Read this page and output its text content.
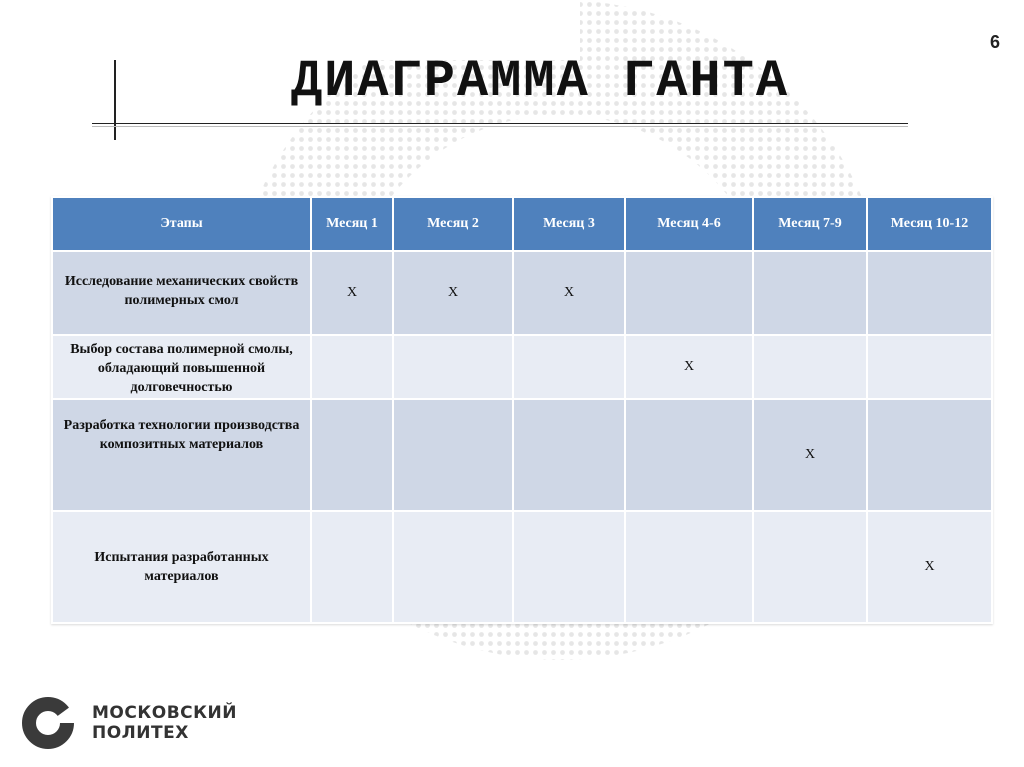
6
ДИАГРАММА ГАНТА
Этапы	Месяц 1	Месяц 2	Месяц 3	Месяц 4-6	Месяц 7-9	Месяц 10-12
Исследование механических свойств полимерных смол	X	X	X			
Выбор состава полимерной смолы, обладающий повышенной долговечностью				X		
Разработка технологии производства композитных материалов					X	
Испытания разработанных материалов						X
МОСКОВСКИЙ
ПОЛИТЕХ
